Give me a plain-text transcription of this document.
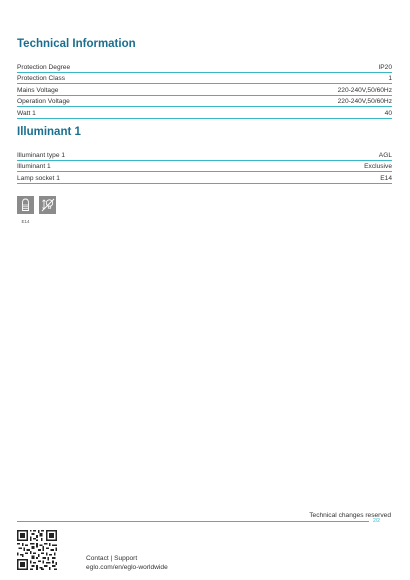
Technical Information
Protection Degree	IP20
Protection Class	1
Mains Voltage	220-240V,50/60Hz
Operation Voltage	220-240V,50/60Hz
Watt 1	40
Illuminant 1
Illuminant type 1	AGL
Illuminant 1	Exclusive
Lamp socket 1	E14
E14
Technical changes reserved
2/2
Contact | Support
eglo.com/en/eglo-worldwide
